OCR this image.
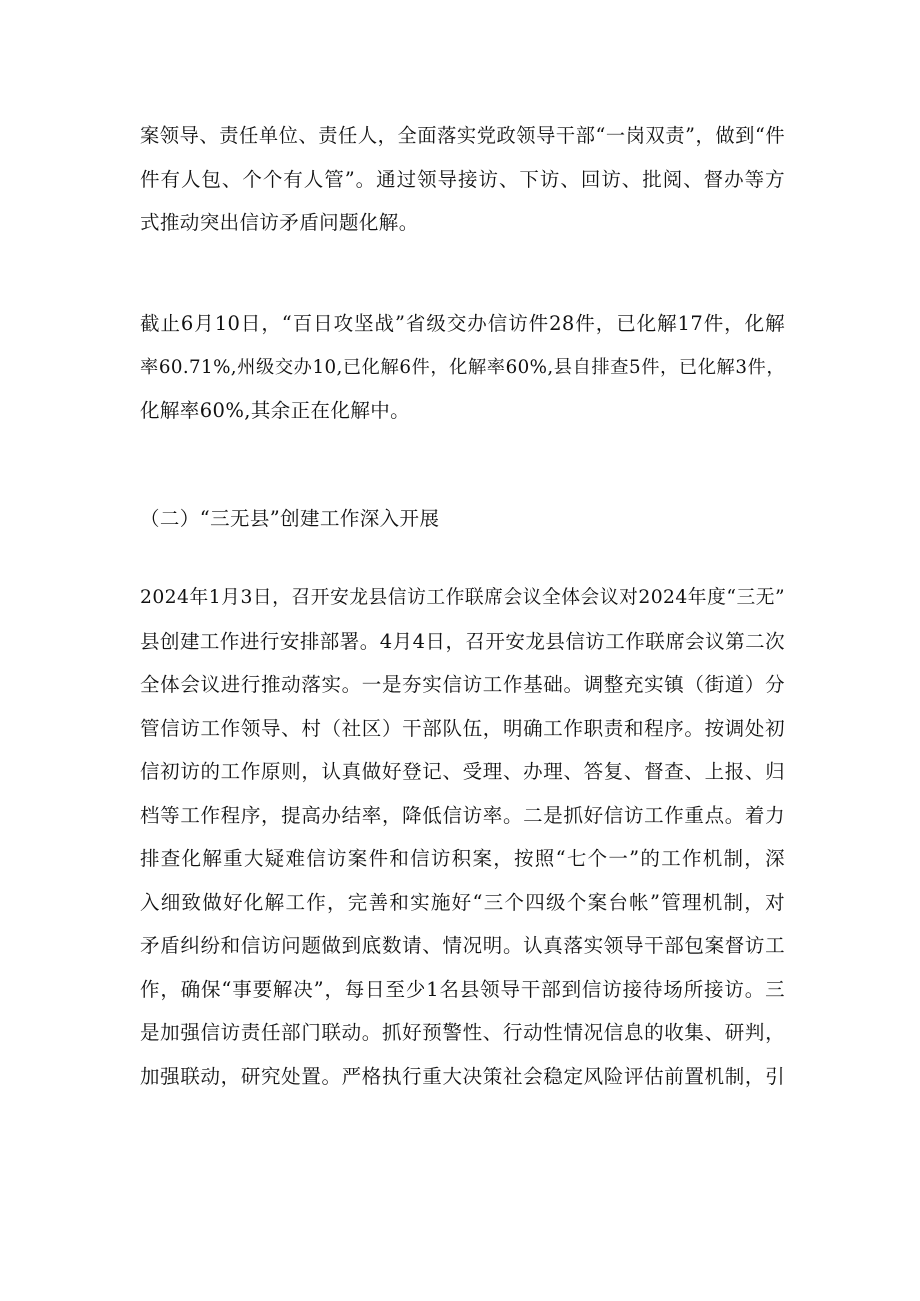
案领导、责任单位、责任人，全面落实党政领导干部“一岗双责”，做到“件
件有人包、个个有人管”。通过领导接访、下访、回访、批阅、督办等方
式推动突出信访矛盾问题化解。
截止6月10日，“百日攻坚战”省级交办信访件28件，已化解17件，化解
率60.71%,州级交办10,已化解6件，化解率60%,县自排查5件，已化解3件，
化解率60%,其余正在化解中。
（二）“三无县”创建工作深入开展
2024年1月3日，召开安龙县信访工作联席会议全体会议对2024年度“三无”
县创建工作进行安排部署。4月4日，召开安龙县信访工作联席会议第二次
全体会议进行推动落实。一是夯实信访工作基础。调整充实镇（街道）分
管信访工作领导、村（社区）干部队伍，明确工作职责和程序。按调处初
信初访的工作原则，认真做好登记、受理、办理、答复、督查、上报、归
档等工作程序，提高办结率，降低信访率。二是抓好信访工作重点。着力
排查化解重大疑难信访案件和信访积案，按照“七个一”的工作机制，深
入细致做好化解工作，完善和实施好“三个四级个案台帐”管理机制，对
矛盾纠纷和信访问题做到底数请、情况明。认真落实领导干部包案督访工
作，确保“事要解决”，每日至少1名县领导干部到信访接待场所接访。三
是加强信访责任部门联动。抓好预警性、行动性情况信息的收集、研判，
加强联动，研究处置。严格执行重大决策社会稳定风险评估前置机制，引
